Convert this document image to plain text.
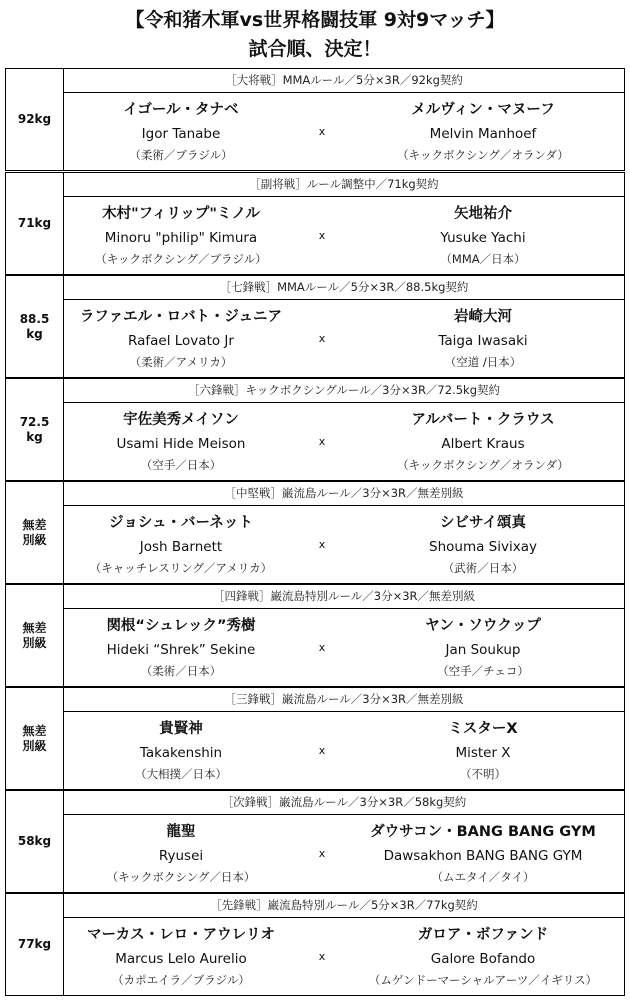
【令和猪木軍vs世界格闘技軍 9対9マッチ】
試合順、決定！
92kg
［大将戦］MMAルール／5分×3R／92kg契約
イゴール・タナベ
Igor Tanabe
（柔術／ブラジル）
x
メルヴィン・マヌーフ
Melvin Manhoef
（キックボクシング／オランダ）
71kg
［副将戦］ルール調整中／71kg契約
木村"フィリップ"ミノル
Minoru "philip" Kimura
（キックボクシング／ブラジル）
x
矢地祐介
Yusuke Yachi
（MMA／日本）
88.5
kg
［七鋒戦］MMAルール／5分×3R／88.5kg契約
ラファエル・ロバト・ジュニア
Rafael Lovato Jr
（柔術／アメリカ）
x
岩崎大河
Taiga Iwasaki
（空道 /日本）
72.5
kg
［六鋒戦］キックボクシングルール／3分×3R／72.5kg契約
宇佐美秀メイソン
Usami Hide Meison
（空手／日本）
x
アルバート・クラウス
Albert Kraus
（キックボクシング／オランダ）
無差
別級
［中堅戦］巌流島ルール／3分×3R／無差別級
ジョシュ・バーネット
Josh Barnett
（キャッチレスリング／アメリカ）
x
シビサイ頌真
Shouma Sivixay
（武術／日本）
無差
別級
［四鋒戦］巌流島特別ルール／3分×3R／無差別級
関根“シュレック”秀樹
Hideki “Shrek” Sekine
（柔術／日本）
x
ヤン・ソウクップ
Jan Soukup
（空手／チェコ）
無差
別級
［三鋒戦］巌流島ルール／3分×3R／無差別級
貴賢神
Takakenshin
（大相撲／日本）
x
ミスターX
Mister X
（不明）
58kg
［次鋒戦］巌流島ルール／3分×3R／58kg契約
龍聖
Ryusei
（キックボクシング／日本）
x
ダウサコン・BANG BANG GYM
Dawsakhon BANG BANG GYM
（ムエタイ／タイ）
77kg
［先鋒戦］巌流島特別ルール／5分×3R／77kg契約
マーカス・レロ・アウレリオ
Marcus Lelo Aurelio
（カポエイラ／ブラジル）
x
ガロア・ボファンド
Galore Bofando
（ムゲンドーマーシャルアーツ／イギリス）
